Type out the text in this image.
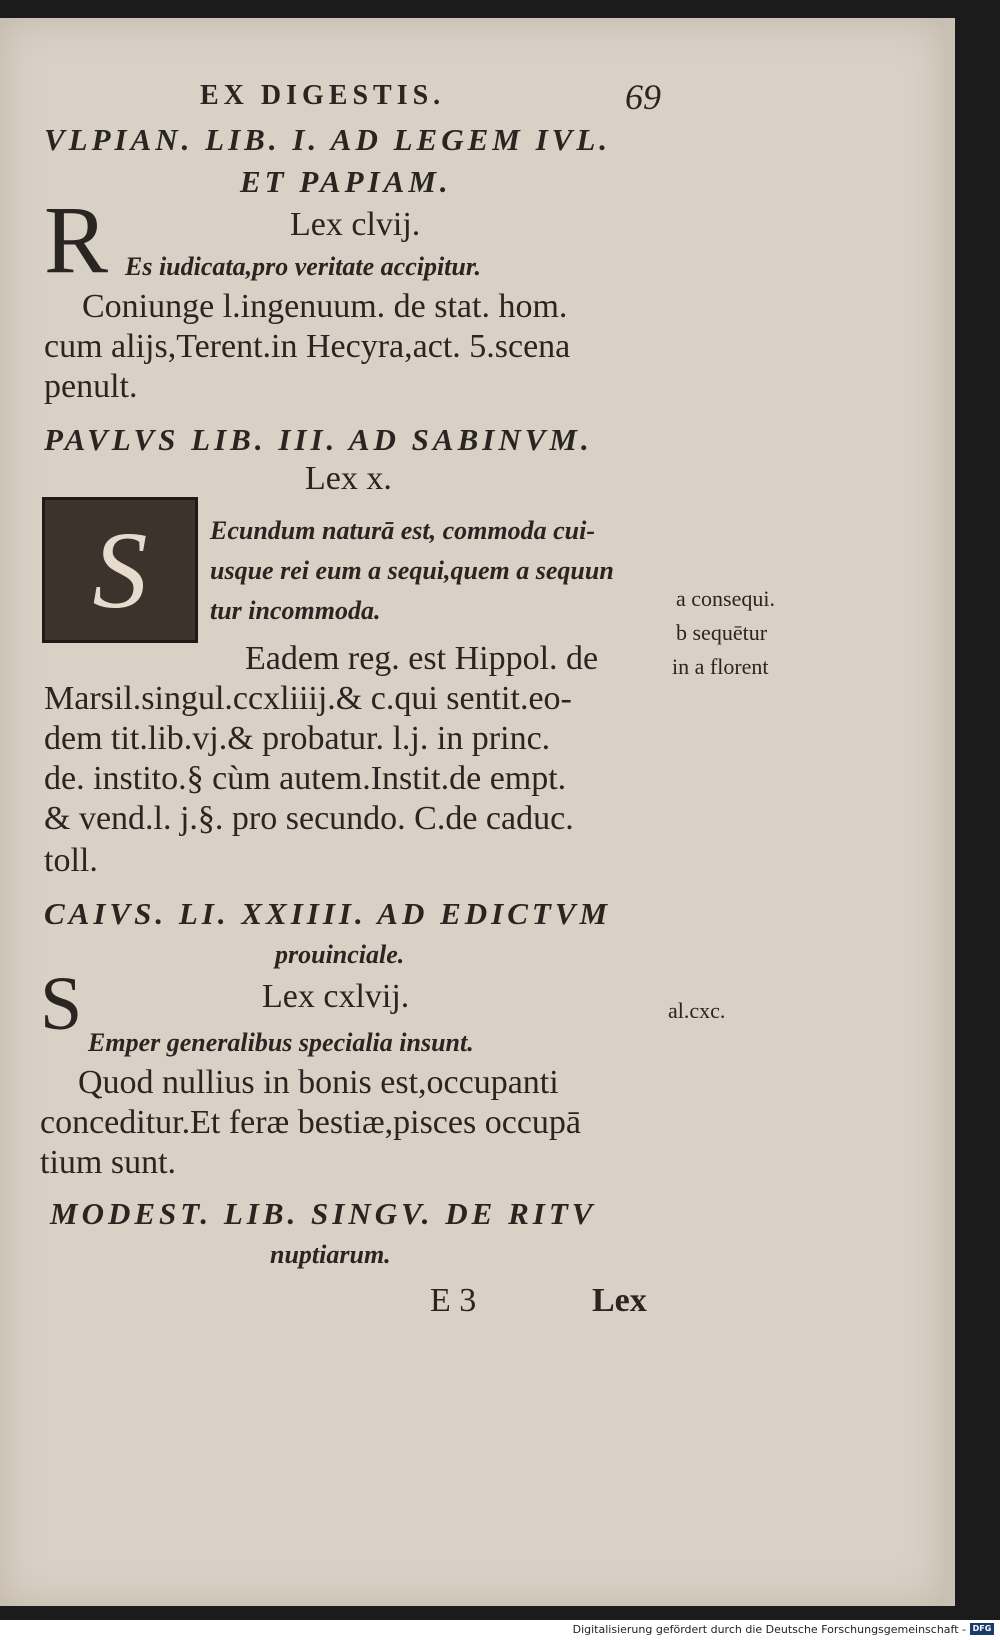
EX DIGESTIS.	69
VLPIAN. LIB. I. AD LEGEM IVL.
ET PAPIAM.
R	Lex clvij.
Es iudicata,pro veritate accipitur.
Coniunge l.ingenuum. de stat. hom.
cum alijs,Terent.in Hecyra,act. 5.scena
penult.
PAVLVS LIB. III. AD SABINVM.
Lex x.
S Ecundum naturā est, commoda cui-
usque rei eum a sequi,quem a sequun
tur incommoda.	a consequi.
b sequētur
in a florent
Eadem reg. est Hippol. de
Marsil.singul.ccxliiij.& c.qui sentit.eo-
dem tit.lib.vj.& probatur. l.j. in princ.
de. instito.§ cùm autem.Instit.de empt.
& vend.l. j.§. pro secundo. C.de caduc.
toll.
CAIVS. LI. XXIIII. AD EDICTVM
prouinciale.
S	Lex cxlvij.	al.cxc.
Emper generalibus specialia insunt.
Quod nullius in bonis est,occupanti
conceditur.Et feræ bestiæ,pisces occupā
tium sunt.
MODEST. LIB. SINGV. DE RITV
nuptiarum.
E 3	Lex
Digitalisierung gefördert durch die Deutsche Forschungsgemeinschaft - DFG
